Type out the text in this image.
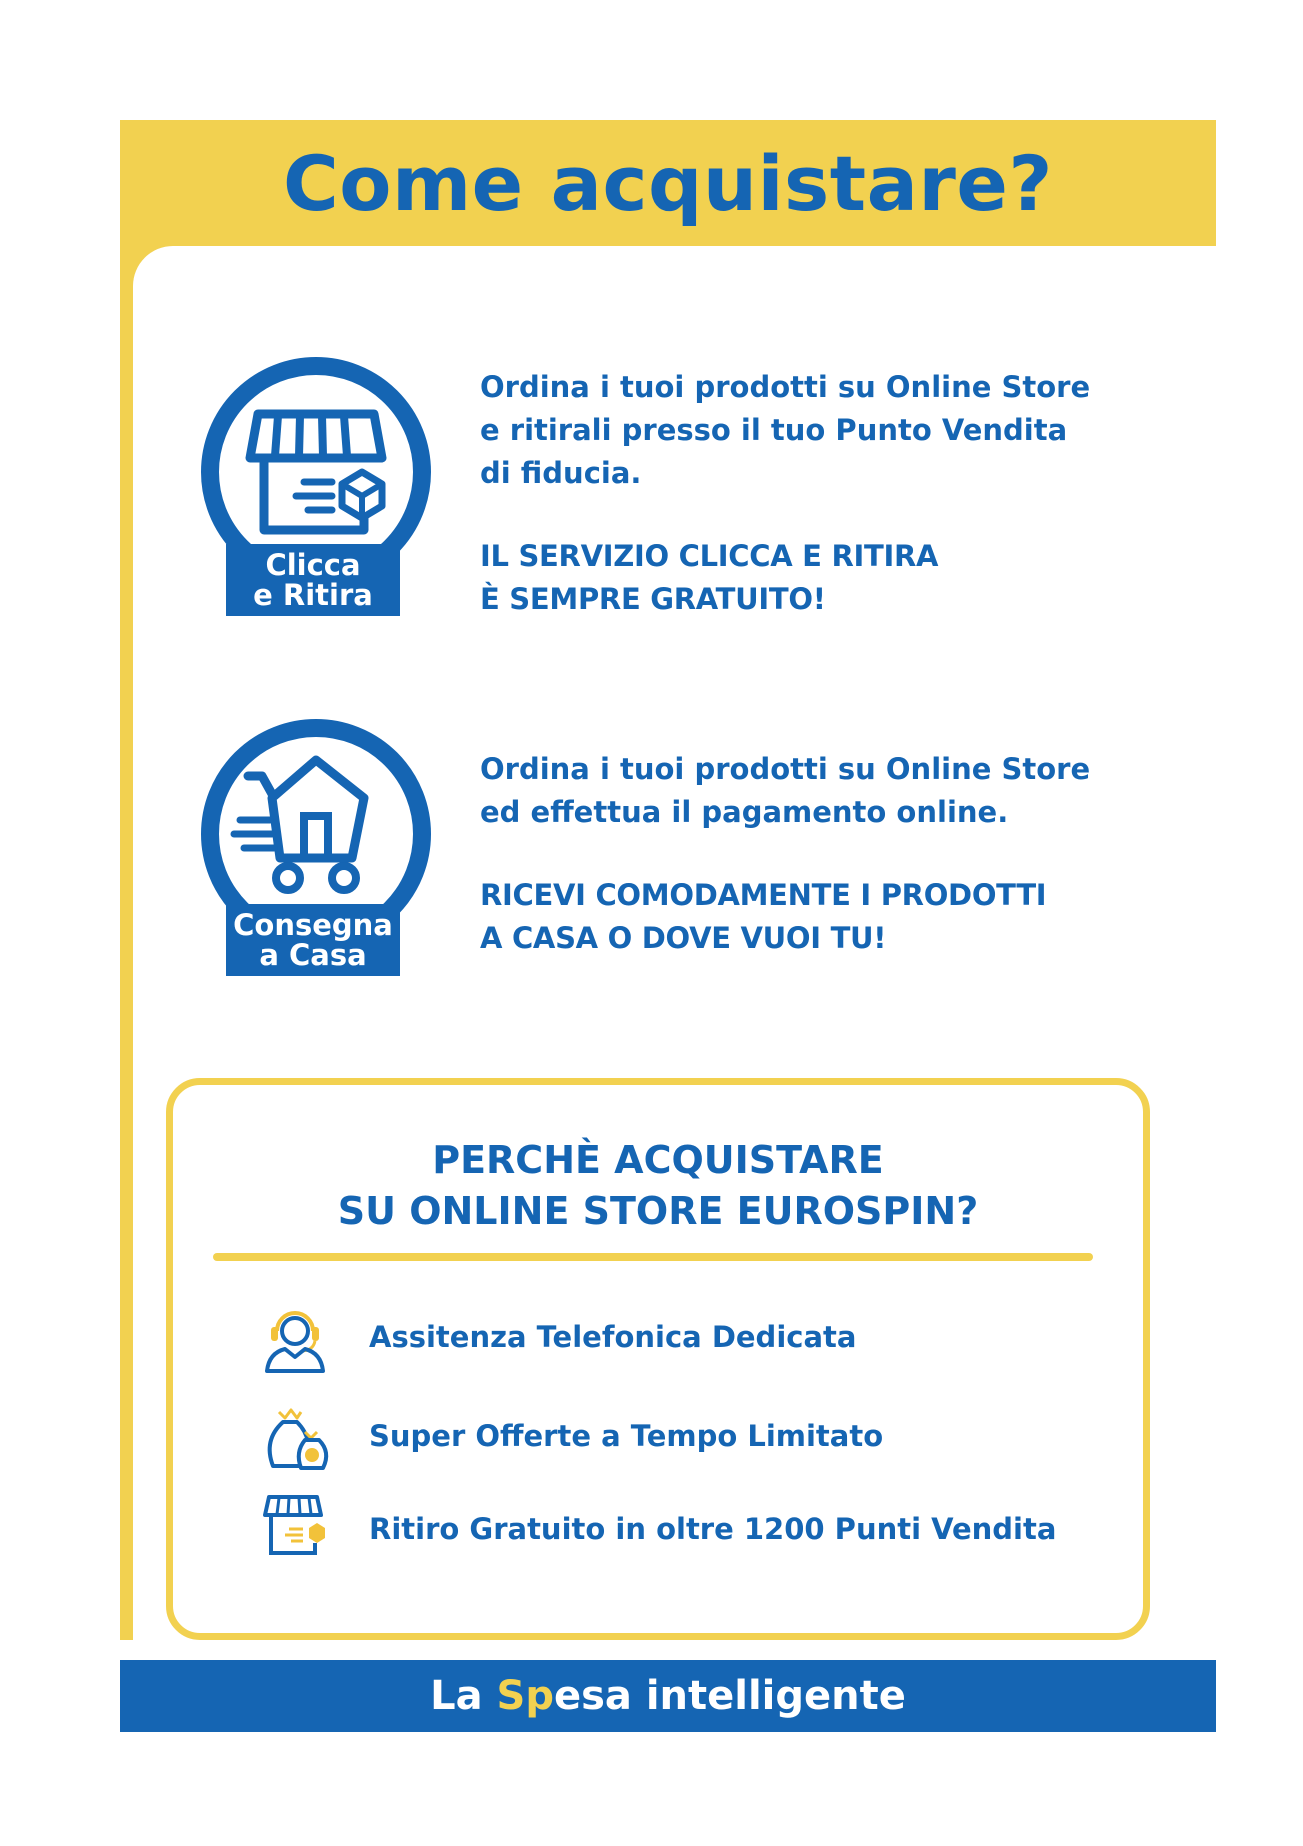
Come acquistare?
Clicca
e Ritira

Ordina i tuoi prodotti su Online Store

e ritirali presso il tuo Punto Vendita

di fiducia.

IL SERVIZIO CLICCA E RITIRA

È SEMPRE GRATUITO!

Consegna
a Casa

Ordina i tuoi prodotti su Online Store

ed effettua il pagamento online.

RICEVI COMODAMENTE I PRODOTTI

A CASA O DOVE VUOI TU!

PERCHÈ ACQUISTARE
SU ONLINE STORE EUROSPIN?
Assitenza Telefonica Dedicata
Super Offerte a Tempo Limitato
Ritiro Gratuito in oltre 1200 Punti Vendita
La Sp esa intelligente
